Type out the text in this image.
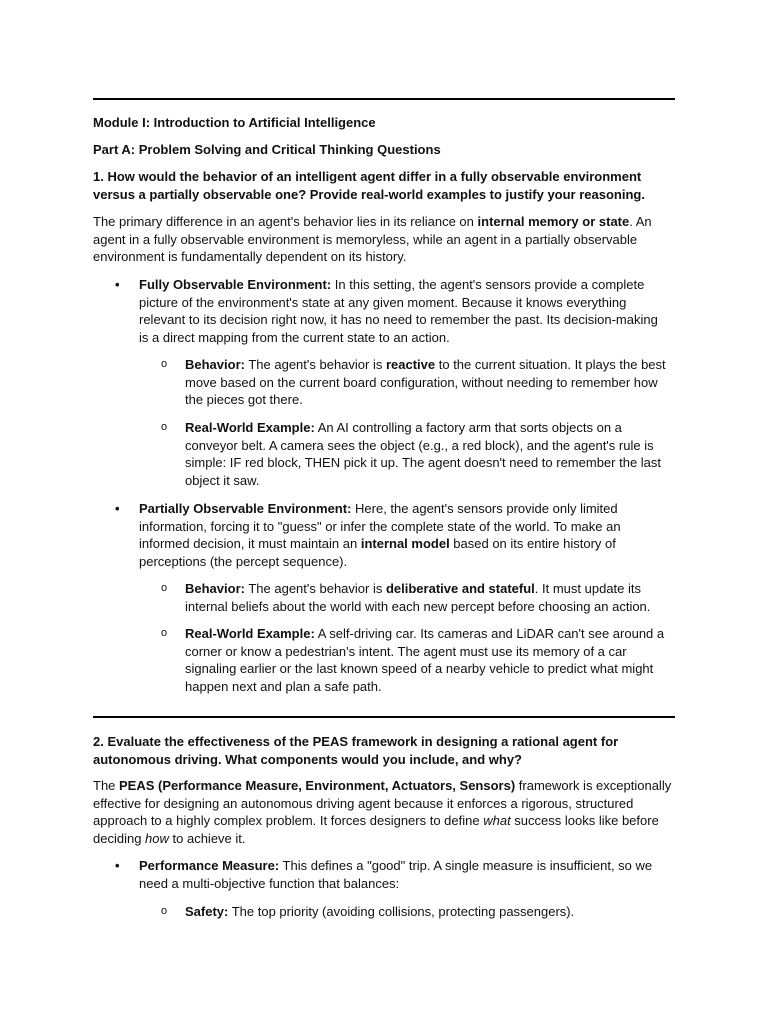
Module I: Introduction to Artificial Intelligence

Part A: Problem Solving and Critical Thinking Questions

1. How would the behavior of an intelligent agent differ in a fully observable environment versus a partially observable one? Provide real-world examples to justify your reasoning.

The primary difference in an agent's behavior lies in its reliance on internal memory or state. An agent in a fully observable environment is memoryless, while an agent in a partially observable environment is fundamentally dependent on its history.

• Fully Observable Environment: In this setting, the agent's sensors provide a complete picture of the environment's state at any given moment. Because it knows everything relevant to its decision right now, it has no need to remember the past. Its decision-making is a direct mapping from the current state to an action.

o Behavior: The agent's behavior is reactive to the current situation. It plays the best move based on the current board configuration, without needing to remember how the pieces got there.

o Real-World Example: An AI controlling a factory arm that sorts objects on a conveyor belt. A camera sees the object (e.g., a red block), and the agent's rule is simple: IF red block, THEN pick it up. The agent doesn't need to remember the last object it saw.

• Partially Observable Environment: Here, the agent's sensors provide only limited information, forcing it to "guess" or infer the complete state of the world. To make an informed decision, it must maintain an internal model based on its entire history of perceptions (the percept sequence).

o Behavior: The agent's behavior is deliberative and stateful. It must update its internal beliefs about the world with each new percept before choosing an action.

o Real-World Example: A self-driving car. Its cameras and LiDAR can't see around a corner or know a pedestrian's intent. The agent must use its memory of a car signaling earlier or the last known speed of a nearby vehicle to predict what might happen next and plan a safe path.

2. Evaluate the effectiveness of the PEAS framework in designing a rational agent for autonomous driving. What components would you include, and why?

The PEAS (Performance Measure, Environment, Actuators, Sensors) framework is exceptionally effective for designing an autonomous driving agent because it enforces a rigorous, structured approach to a highly complex problem. It forces designers to define what success looks like before deciding how to achieve it.

• Performance Measure: This defines a "good" trip. A single measure is insufficient, so we need a multi-objective function that balances:

o Safety: The top priority (avoiding collisions, protecting passengers).
